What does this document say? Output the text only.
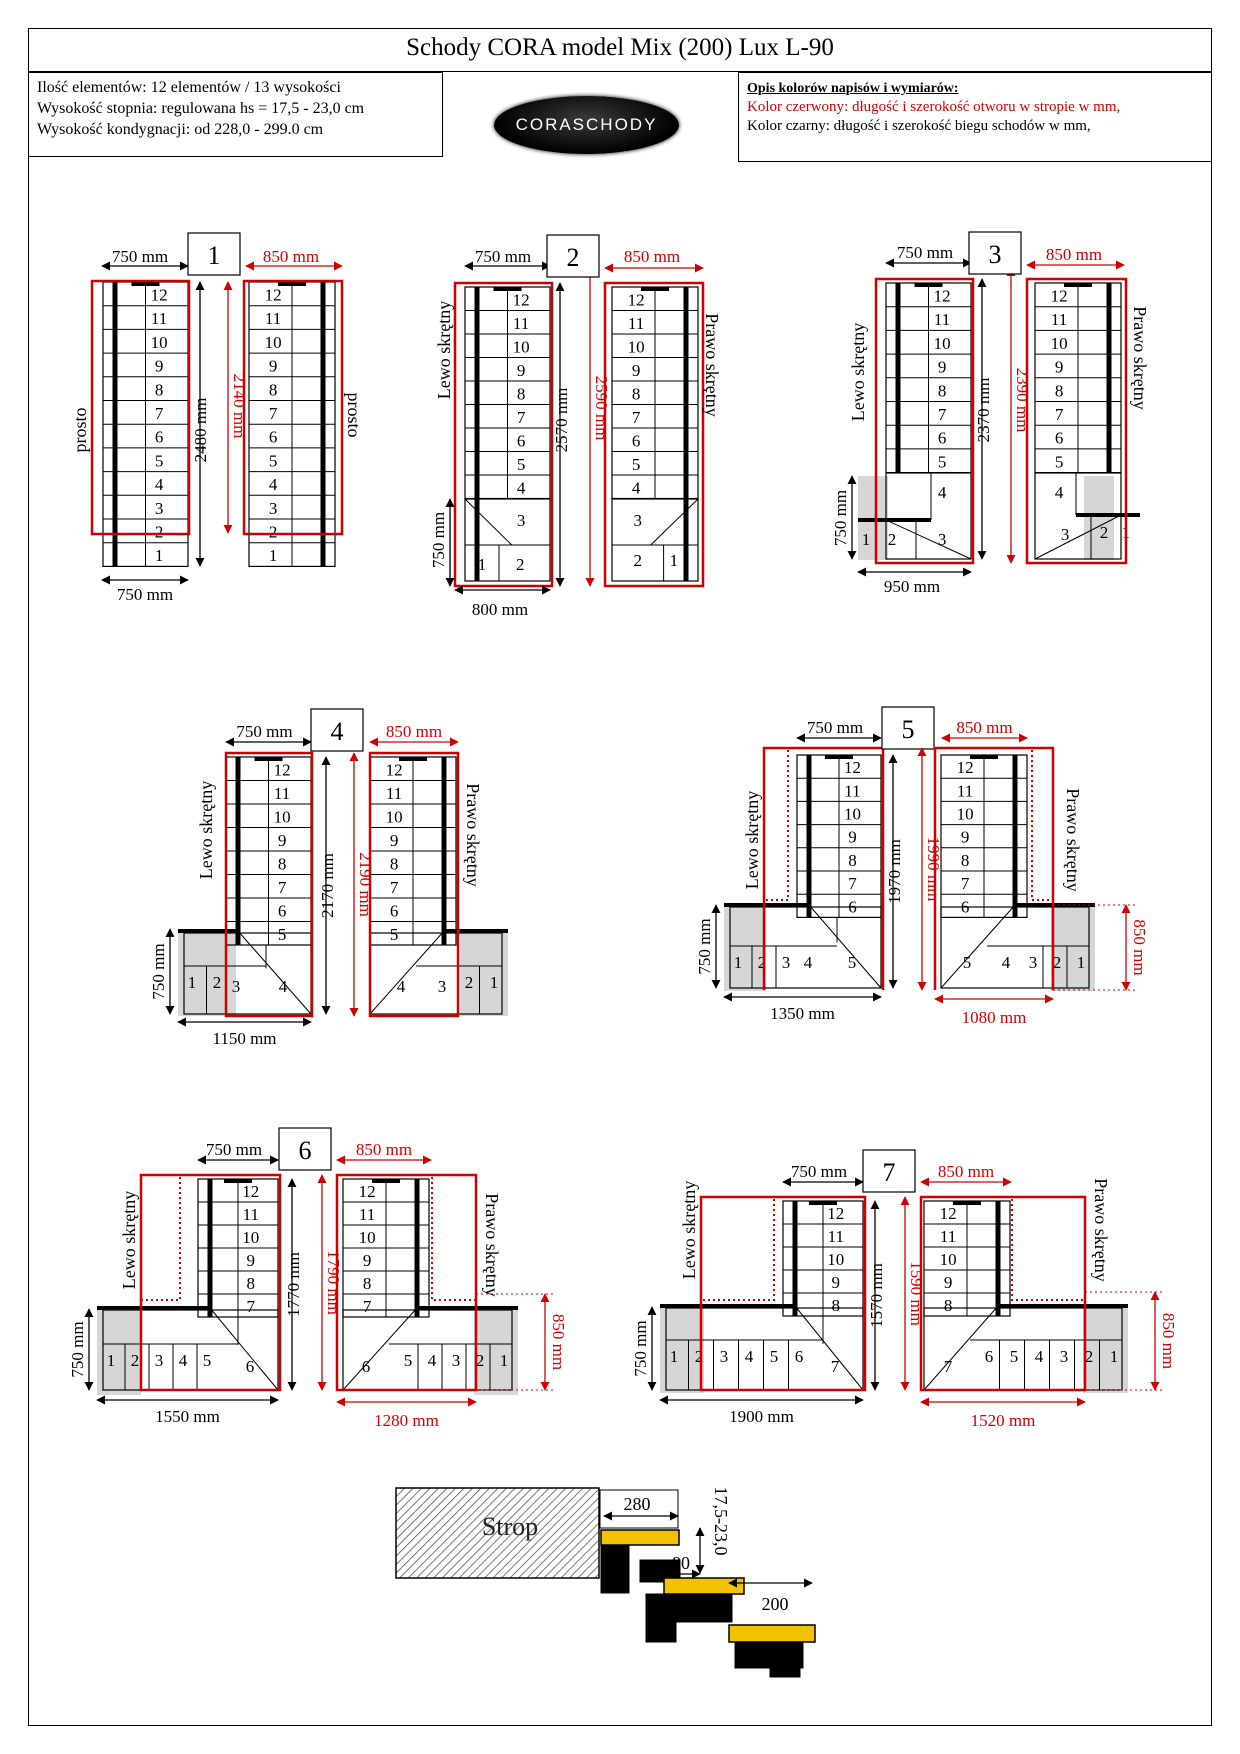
Schody CORA model Mix (200) Lux L-90
Ilość elementów: 12 elementów / 13 wysokości
Wysokość stopnia: regulowana hs = 17,5 - 23,0 cm
Wysokość kondygnacji: od 228,0 - 299.0 cm	CORASCHODY
Opis kolorów napisów i wymiarów:
Kolor czerwony: długość i szerokość otworu w stropie w mm,
Kolor czarny: długość i szerokość biegu schodów w mm,
12
11
10
9
8
7
6
5
4
3
2
1
750 mm
750 mm
2480 mm 2140 mm
prosto
1
12
11
10
9
8
7
6
5
4
3
2
1
850 mm
prosto
12
11
10
9
8
7
6
5
4
3
1 2
750 mm
800 mm
2570 mm 2590 mm
750 mm
Lewo skrętny
2
12
11
10
9
8
7
6
5
4
3
2 1
850 mm
Prawo skrętny
12
11
10
9
8
7
6
5
4
1 2 3
750 mm
950 mm
2370 mm 2390 mm
750 mm
Lewo skrętny
3
12
11
10
9
8
7
6
5
4
3 2 1
850 mm
Prawo skrętny
12
11
10
9
8
7
6
5
1 2 3 4
750 mm
1150 mm
2170 mm
750 mm
Lewo skrętny
4
12
11
10
9
8
7
6
5
1
2
4 3
850 mm
2190 mm	Prawo skrętny
12
11
10
9
8
7
6
1 2 3 4 5
750 mm
1350 mm
1970 mm
750 mm
Lewo skrętny
5
12
11
10
9
8
7
6
1
2
3
5 4
850 mm
1990 mm
1080 mm
850 mm
Prawo skrętny
12
11
10
9
8
7
1 2 3 4 5 6
750 mm
1550 mm
1770 mm
750 mm
Lewo skrętny
6
12
11
10
9
8
7
1
2
3
4
5
6
850 mm
1790 mm
1280 mm
850 mm
Prawo skrętny	12
11
10
9
8
1 2 3 4 5 6
7
750 mm
1900 mm
1570 mm
750 mm
Lewo skrętny
7
12
11
10
9
8
1
2
3
4
5
6
7
850 mm
1590 mm
1520 mm
850 mm
Prawo skrętny
Strop
280	17,5-23,0
80
200
